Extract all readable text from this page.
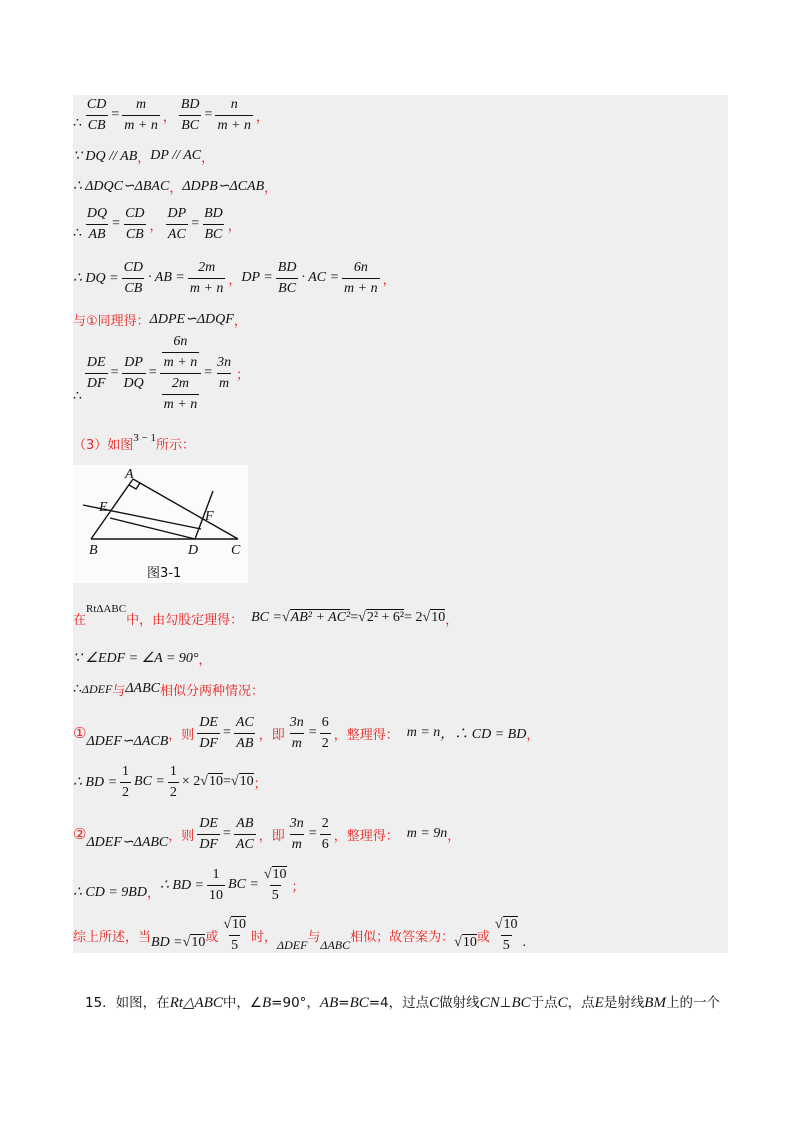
∴ $\frac{CD}{CB} = \frac{m}{m + n}$ ， $\frac{BD}{BC} = \frac{n}{m + n}$ ，
∵ DQ // AB ， DP // AC ，
∴ ΔDQC∽ΔBAC ， ΔDPB∽ΔCAB ，
∴ $\frac{DQ}{AB} = \frac{CD}{CB}$ ， $\frac{DP}{AC} = \frac{BD}{BC}$ ，
∴ DQ = $\frac{CD}{CB}$ · AB = $\frac{2m}{m + n}$ ， DP = $\frac{BD}{BC}$ · AC = $\frac{6n}{m + n}$ ，
与①同理得： ΔDPE∽ΔDQF ，
∴
$\frac{DE}{DF} = \frac{DP}{DQ} = \frac{\frac{6n}{m + n}}{\frac{2m}{m + n}} = \frac{3n}{m}$ ；
（3）如图 3 − 1 所示：
在
RtΔABC
中，由勾股定理得： BC = √AB² + AC² = √2² + 6² = 2 √10 ，
∵ ∠EDF = ∠A = 90° ，
∴ ΔDEF 与 ΔABC 相似分两种情况：
① ΔDEF∽ΔACB ， 则 $\frac{DE}{DF} = \frac{AC}{AB}$ ，即 $\frac{3n}{m} = \frac{6}{2}$ ，整理得： m = n ，∴ CD = BD ，
∴ BD = $\frac{1}{2}$ BC = $\frac{1}{2} \times 2$ √10 = √10 ；
② ΔDEF∽ΔABC ， 则 $\frac{DE}{DF} = \frac{AB}{AC}$ ，即 $\frac{3n}{m} = \frac{2}{6}$ ，整理得： m = 9n ，
∴ CD = 9BD ，
∴ BD = $\frac{1}{10}$ BC = $\frac{√10}{5}$ ；
综上所述，当 BD = √10 或 $\frac{√10}{5}$ 时，
ΔDEF
与
ΔABC
相似；故答案为： √10 或 $\frac{√10}{5}$ .
A
E
F
B	D C
图3-1
15．如图，在Rt△ABC中，∠B=90°，AB=BC=4，过点C做射线CN⊥BC于点C，点E是射线BM上的一个
